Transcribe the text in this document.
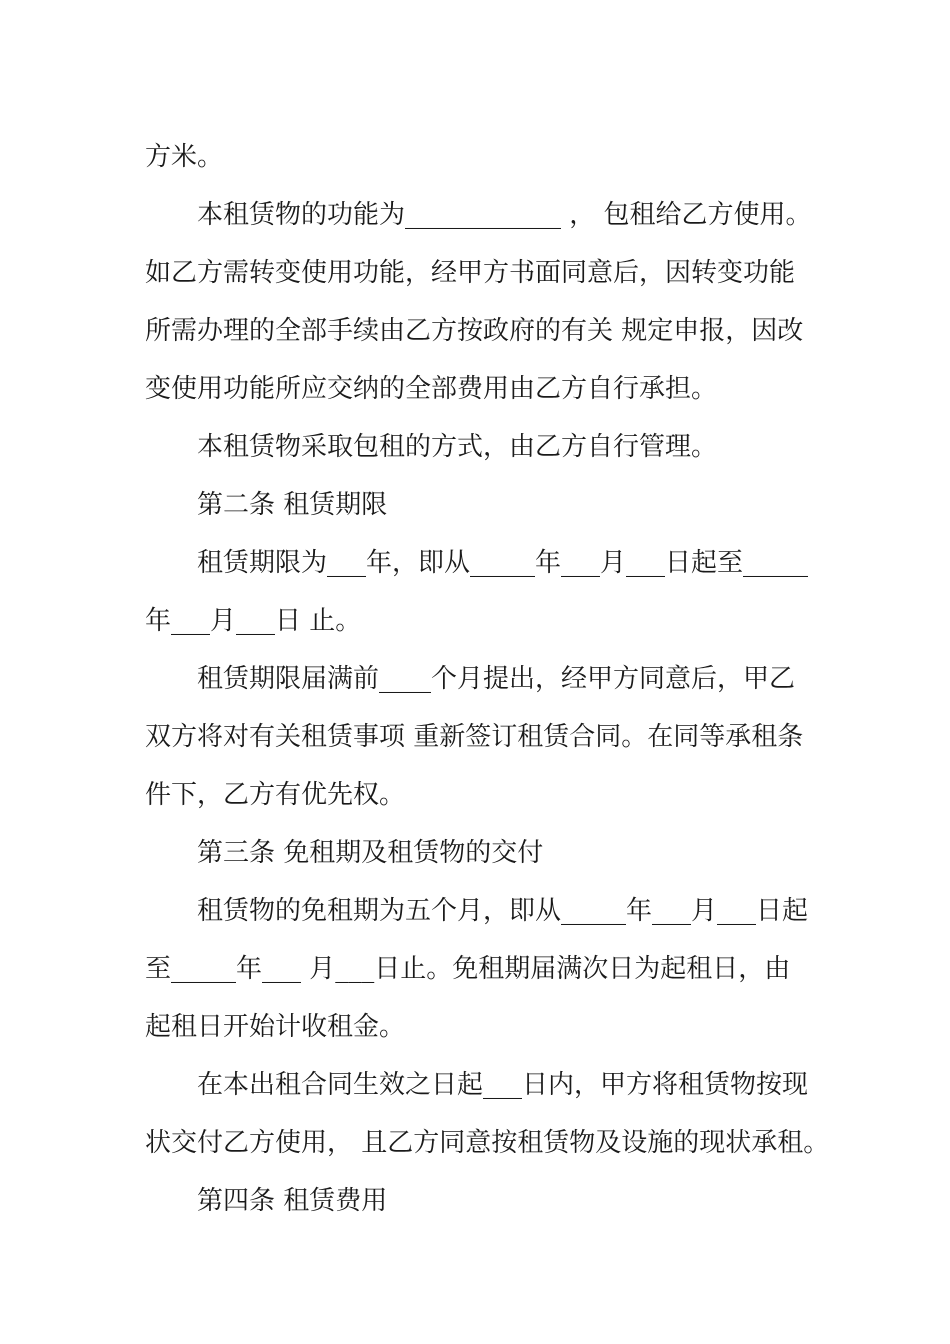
方米。
本租赁物的功能为____________ ， 包租给乙方使用。
如乙方需转变使用功能，经甲方书面同意后，因转变功能
所需办理的全部手续由乙方按政府的有关 规定申报，因改
变使用功能所应交纳的全部费用由乙方自行承担。
本租赁物采取包租的方式，由乙方自行管理。
第二条 租赁期限
租赁期限为___年，即从_____年___月___日起至_____
年___月___日 止。
租赁期限届满前____个月提出，经甲方同意后，甲乙
双方将对有关租赁事项 重新签订租赁合同。在同等承租条
件下，乙方有优先权。
第三条 免租期及租赁物的交付
租赁物的免租期为五个月，即从_____年___月___日起
至_____年___ 月___日止。免租期届满次日为起租日，由
起租日开始计收租金。
在本出租合同生效之日起___日内，甲方将租赁物按现
状交付乙方使用， 且乙方同意按租赁物及设施的现状承租。
第四条 租赁费用
